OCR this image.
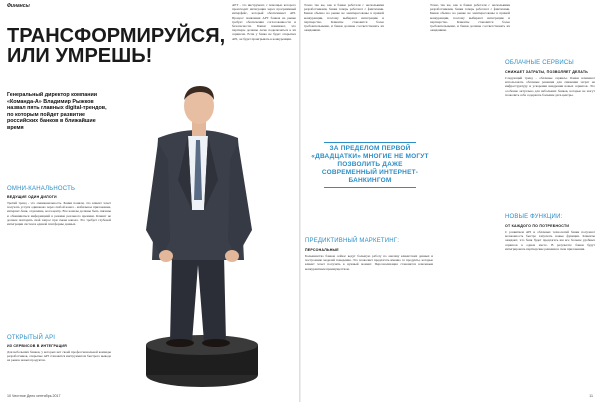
Финансы
ТРАНСФОРМИРУЙСЯ,
ИЛИ УМРЕШЬ!
Генеральный директор компании «Команда-А» Владимир Рыжков назвал пять главных digital-трендов, по которым пойдет развитие российских банков в ближайшие время
ОМНИ-КАНАЛЬНОСТЬ
ВЕДУЩИЕ ОДИН ДИЛОГИ
Третий тренд - это омниканальность. Банки поняли, что клиент хочет получать услуги одинаково через любой канал - мобильное приложение, интернет-банк, отделение, колл-центр. Все каналы должны быть связаны и обмениваться информацией в режиме реального времени. Клиент не должен повторять свой запрос при смене канала. Это требует глубокой интеграции систем и единой платформы данных.
ОТКРЫТЫЙ API
ИЗ СЕРВИСОВ В ИНТЕГРАЦИЯ
Для небольших банков, у которых нет своей профессиональной команды разработчиков, открытые API становятся инструментом быстрого вывода на рынок новых продуктов.
АРТ - это инструмент, с помощью которого происходит интеграция через программный интерфейс, который обеспечивает API. Процесс появления АРТ банков на рынке требует обеспечения согласованности и безопасности. Банки понимают, что партнеры должны легко подключаться к их сервисам. Если у банка не будет открытых API, он будет проигрывать в конкуренции.
10 Честное Дело сентябрь 2017
Точно так же, как и банки работали с несколькими разработчиками, банки теперь работают с финтехами. Банки обычно на рынке не заинтересованы в прямой конкуренции, поэтому выбирают интеграцию и партнерство. Клиенты становятся более требовательными, и банки должны соответствовать их ожиданиям.
Точно так же, как и банки работали с несколькими разработчиками, банки теперь работают с финтехами. Банки обычно на рынке не заинтересованы в прямой конкуренции, поэтому выбирают интеграцию и партнерство. Клиенты становятся более требовательными, и банки должны соответствовать их ожиданиям.
ЗА ПРЕДЕЛОМ ПЕРВОЙ «ДВАДЦАТКИ» МНОГИЕ НЕ МОГУТ ПОЗВОЛИТЬ ДАЖЕ СОВРЕМЕННЫЙ ИНТЕРНЕТ-БАНКИНГОМ
ПРЕДИКТИВНЫЙ МАРКЕТИНГ:
ПЕРСОНАЛЬНЫЕ
Большинство банков сейчас ведут большую работу по анализу клиентских данных и построению моделей поведения. Это позволяет предлагать именно те продукты, которые клиент хочет получить в нужный момент. Персонализация становится ключевым конкурентным преимуществом.
ОБЛАЧНЫЕ СЕРВИСЫ
СНИЖАЕТ ЗАТРАТЫ, ПОЗВОЛЯЕТ ДЕЛАТЬ
Следующий тренд - облачные сервисы. Банки начинают использовать облачные решения для снижения затрат на инфраструктуру и ускорения внедрения новых сервисов. Это особенно актуально для небольших банков, которые не могут позволить себе содержать большие дата-центры.
НОВЫЕ ФУНКЦИИ:
ОТ КАЖДОГО ПО ПОТРЕБНОСТИ
С развитием API и облачных технологий банки получают возможность быстро запускать новые функции. Клиенты ожидают, что банк будет предлагать им все больше удобных сервисов в одном месте. В результате банки будут интегрировать партнерские решения в свои приложения.
11
